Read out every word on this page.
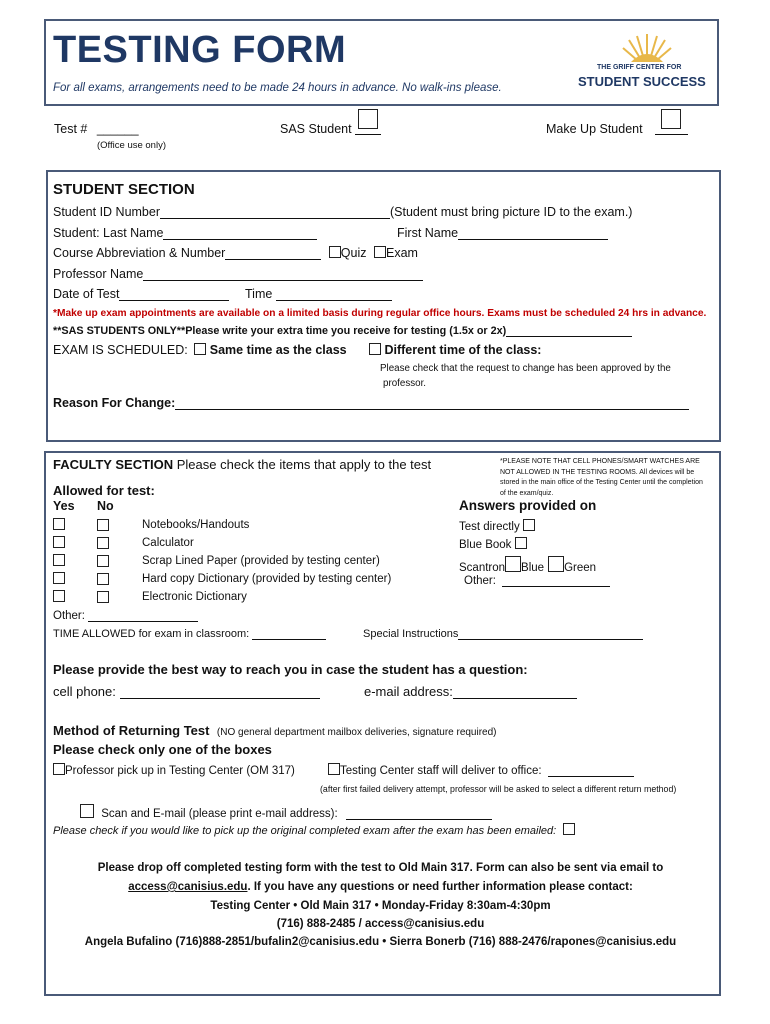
TESTING FORM
For all exams, arrangements need to be made 24 hours in advance. No walk-ins please.
THE GRIFF CENTER FOR
STUDENT SUCCESS
Test # ______
(Office use only)
SAS Student	Make Up Student
STUDENT SECTION
Student ID Number	(Student must bring picture ID to the exam.)
Student: Last Name	First Name
Course Abbreviation & Number	Quiz Exam
Professor Name
Date of Test	Time
*Make up exam appointments are available on a limited basis during regular office hours. Exams must be scheduled 24 hrs in advance.
**SAS STUDENTS ONLY**Please write your extra time you receive for testing (1.5x or 2x)
EXAM IS SCHEDULED: Same time as the class	Different time of the class:
Please check that the request to change has been approved by the
professor.
Reason For Change:
FACULTY SECTION Please check the items that apply to the test	*PLEASE NOTE THAT CELL PHONES/SMART WATCHES ARE NOT ALLOWED IN THE TESTING ROOMS. All devices will be stored in the main office of the Testing Center until the completion of the exam/quiz.
Allowed for test:
Yes No
Notebooks/Handouts
Calculator
Scrap Lined Paper (provided by testing center)
Hard copy Dictionary (provided by testing center)
Electronic Dictionary
Answers provided on
Test directly
Blue Book
Scantron Blue Green
Other:
Other:
TIME ALLOWED for exam in classroom:	Special Instructions
Please provide the best way to reach you in case the student has a question:
cell phone:	e-mail address:
Method of Returning Test (NO general department mailbox deliveries, signature required)
Please check only one of the boxes
Professor pick up in Testing Center (OM 317)	Testing Center staff will deliver to office:
(after first failed delivery attempt, professor will be asked to select a different return method)
Scan and E-mail (please print e-mail address):
Please check if you would like to pick up the original completed exam after the exam has been emailed:
Please drop off completed testing form with the test to Old Main 317. Form can also be sent via email to
access@canisius.edu. If you have any questions or need further information please contact:
Testing Center • Old Main 317 • Monday-Friday 8:30am-4:30pm
(716) 888-2485 / access@canisius.edu
Angela Bufalino (716)888-2851/bufalin2@canisius.edu • Sierra Bonerb (716) 888-2476/rapones@canisius.edu
